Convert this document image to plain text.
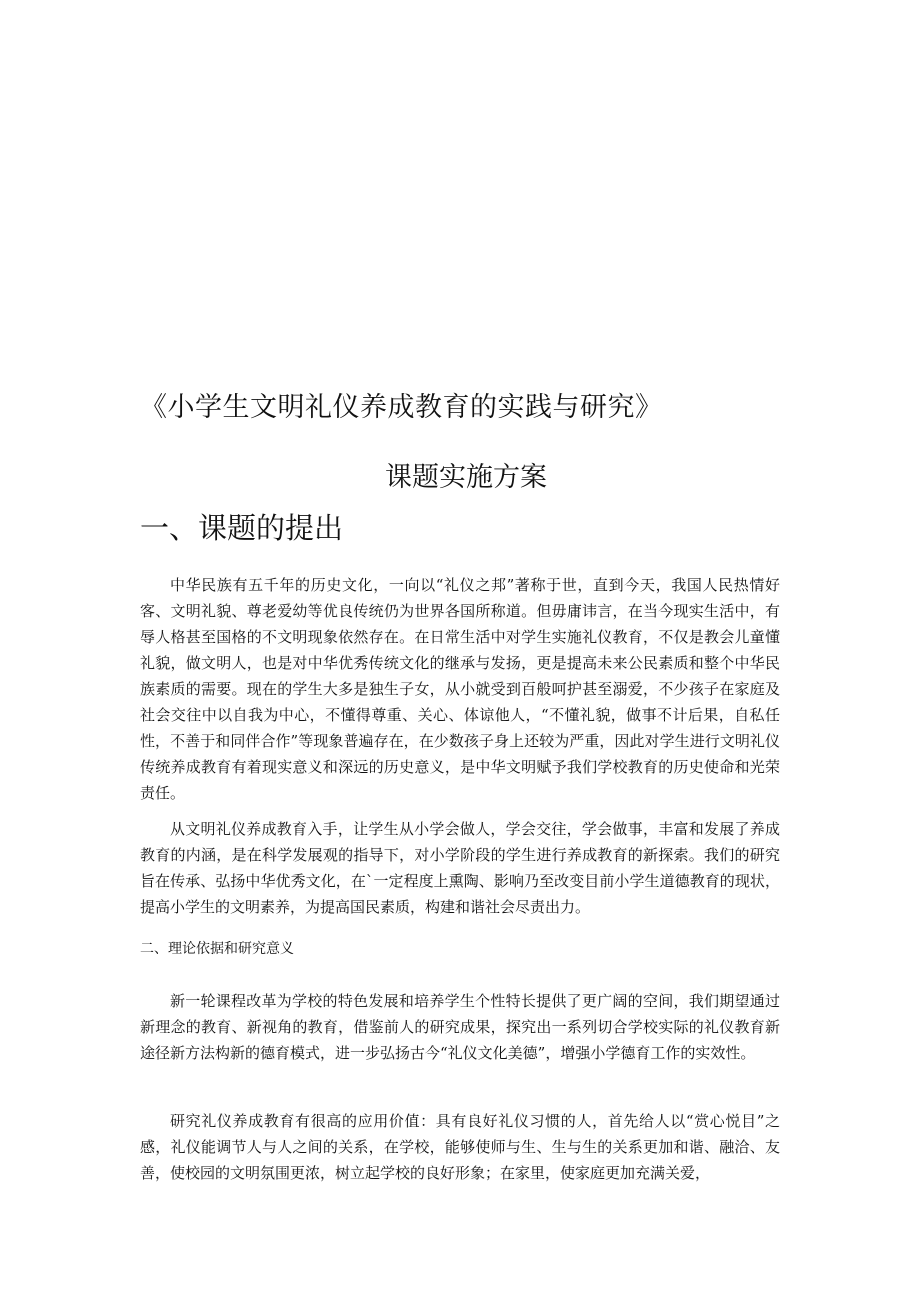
《小学生文明礼仪养成教育的实践与研究》
课题实施方案
一、课题的提出

中华民族有五千年的历史文化，一向以“礼仪之邦”著称于世，直到今天，我国人民热情好客、文明礼貌、尊老爱幼等优良传统仍为世界各国所称道。但毋庸讳言，在当今现实生活中，有辱人格甚至国格的不文明现象依然存在。在日常生活中对学生实施礼仪教育，不仅是教会儿童懂礼貌，做文明人，也是对中华优秀传统文化的继承与发扬，更是提高未来公民素质和整个中华民族素质的需要。现在的学生大多是独生子女，从小就受到百般呵护甚至溺爱，不少孩子在家庭及社会交往中以自我为中心，不懂得尊重、关心、体谅他人，“不懂礼貌，做事不计后果，自私任性，不善于和同伴合作”等现象普遍存在，在少数孩子身上还较为严重，因此对学生进行文明礼仪传统养成教育有着现实意义和深远的历史意义，是中华文明赋予我们学校教育的历史使命和光荣责任。

从文明礼仪养成教育入手，让学生从小学会做人，学会交往，学会做事，丰富和发展了养成教育的内涵，是在科学发展观的指导下，对小学阶段的学生进行养成教育的新探索。我们的研究旨在传承、弘扬中华优秀文化，在`一定程度上熏陶、影响乃至改变目前小学生道德教育的现状，提高小学生的文明素养，为提高国民素质，构建和谐社会尽责出力。

二、理论依据和研究意义

新一轮课程改革为学校的特色发展和培养学生个性特长提供了更广阔的空间，我们期望通过新理念的教育、新视角的教育，借鉴前人的研究成果，探究出一系列切合学校实际的礼仪教育新途径新方法构新的德育模式，进一步弘扬古今“礼仪文化美德”，增强小学德育工作的实效性。

研究礼仪养成教育有很高的应用价值：具有良好礼仪习惯的人，首先给人以“赏心悦目”之感，礼仪能调节人与人之间的关系，在学校，能够使师与生、生与生的关系更加和谐、融洽、友善，使校园的文明氛围更浓，树立起学校的良好形象；在家里，使家庭更加充满关爱，
